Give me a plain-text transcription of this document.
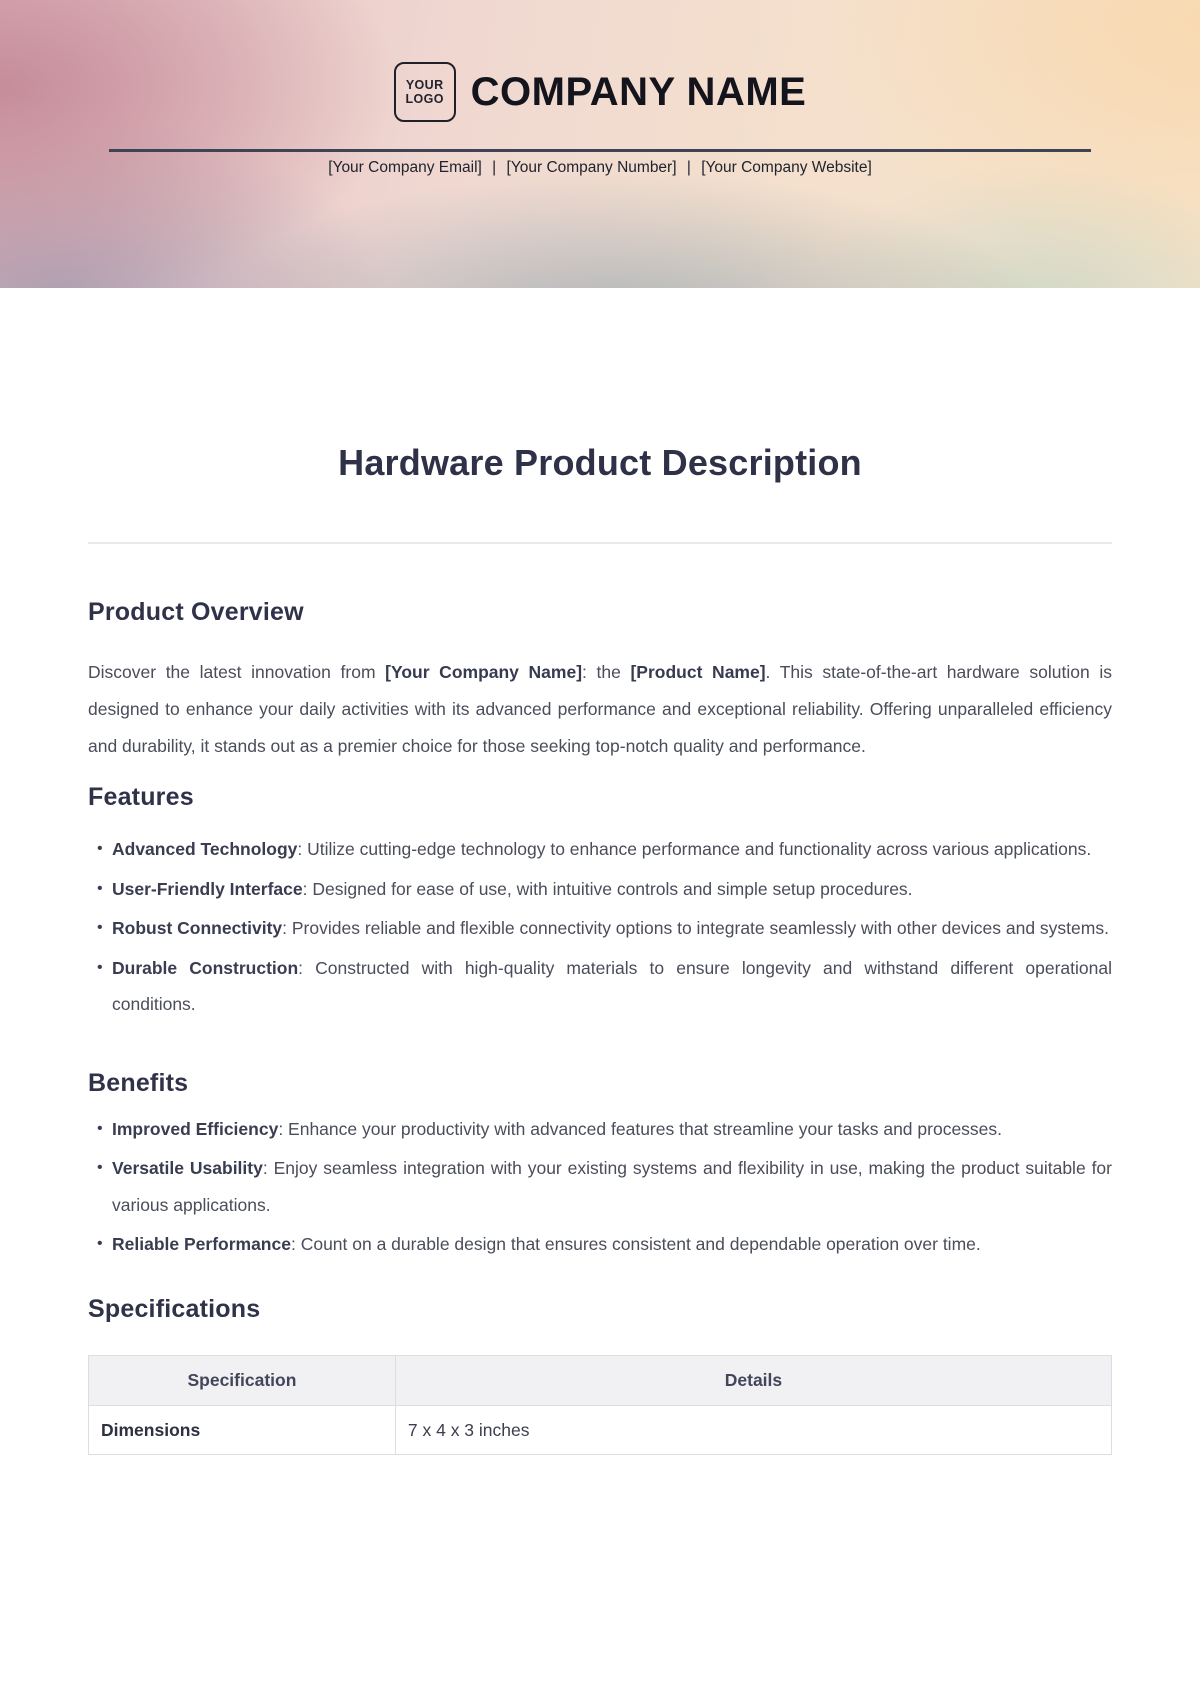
YOUR
LOGO COMPANY NAME
[Your Company Email] | [Your Company Number] | [Your Company Website]
Hardware Product Description
Product Overview

Discover the latest innovation from [Your Company Name]: the [Product Name]. This state-of-the-art hardware solution is designed to enhance your daily activities with its advanced performance and exceptional reliability. Offering unparalleled efficiency and durability, it stands out as a premier choice for those seeking top-notch quality and performance.

Features
• Advanced Technology: Utilize cutting-edge technology to enhance performance and functionality across various applications.
• User-Friendly Interface: Designed for ease of use, with intuitive controls and simple setup procedures.
• Robust Connectivity: Provides reliable and flexible connectivity options to integrate seamlessly with other devices and systems.
• Durable Construction: Constructed with high-quality materials to ensure longevity and withstand different operational conditions.
Benefits
• Improved Efficiency: Enhance your productivity with advanced features that streamline your tasks and processes.
• Versatile Usability: Enjoy seamless integration with your existing systems and flexibility in use, making the product suitable for various applications.
• Reliable Performance: Count on a durable design that ensures consistent and dependable operation over time.
Specifications
Specification	Details
Dimensions	7 x 4 x 3 inches
